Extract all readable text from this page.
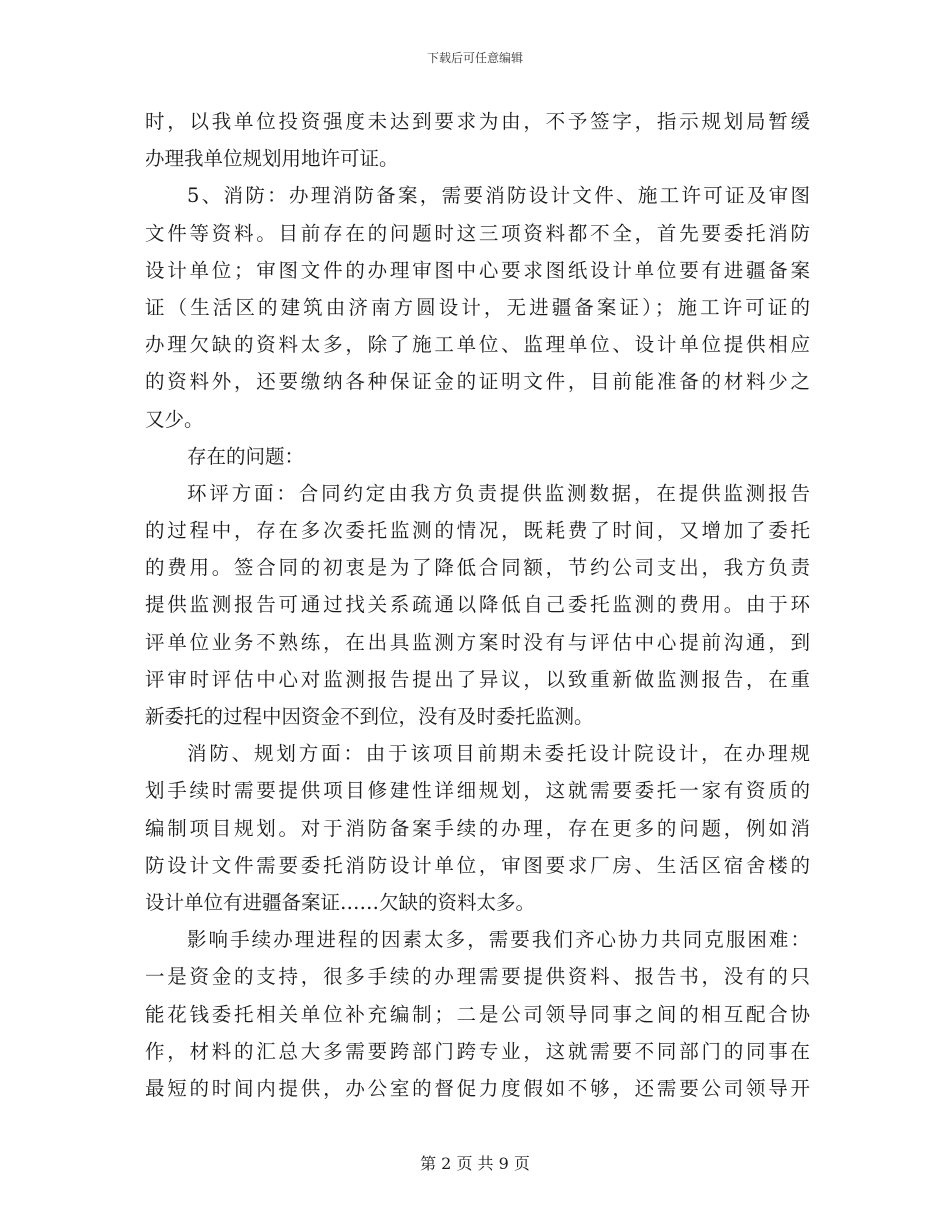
下载后可任意编辑
时，以我单位投资强度未达到要求为由，不予签字，指示规划局暂缓
办理我单位规划用地许可证。
5、消防：办理消防备案，需要消防设计文件、施工许可证及审图
文件等资料。目前存在的问题时这三项资料都不全，首先要委托消防
设计单位；审图文件的办理审图中心要求图纸设计单位要有进疆备案
证（生活区的建筑由济南方圆设计，无进疆备案证）；施工许可证的
办理欠缺的资料太多，除了施工单位、监理单位、设计单位提供相应
的资料外，还要缴纳各种保证金的证明文件，目前能准备的材料少之
又少。
存在的问题：
环评方面：合同约定由我方负责提供监测数据，在提供监测报告
的过程中，存在多次委托监测的情况，既耗费了时间，又增加了委托
的费用。签合同的初衷是为了降低合同额，节约公司支出，我方负责
提供监测报告可通过找关系疏通以降低自己委托监测的费用。由于环
评单位业务不熟练，在出具监测方案时没有与评估中心提前沟通，到
评审时评估中心对监测报告提出了异议，以致重新做监测报告，在重
新委托的过程中因资金不到位，没有及时委托监测。
消防、规划方面：由于该项目前期未委托设计院设计，在办理规
划手续时需要提供项目修建性详细规划，这就需要委托一家有资质的
编制项目规划。对于消防备案手续的办理，存在更多的问题，例如消
防设计文件需要委托消防设计单位，审图要求厂房、生活区宿舍楼的
设计单位有进疆备案证……欠缺的资料太多。
影响手续办理进程的因素太多，需要我们齐心协力共同克服困难：
一是资金的支持，很多手续的办理需要提供资料、报告书，没有的只
能花钱委托相关单位补充编制；二是公司领导同事之间的相互配合协
作，材料的汇总大多需要跨部门跨专业，这就需要不同部门的同事在
最短的时间内提供，办公室的督促力度假如不够，还需要公司领导开
第 2 页 共 9 页
